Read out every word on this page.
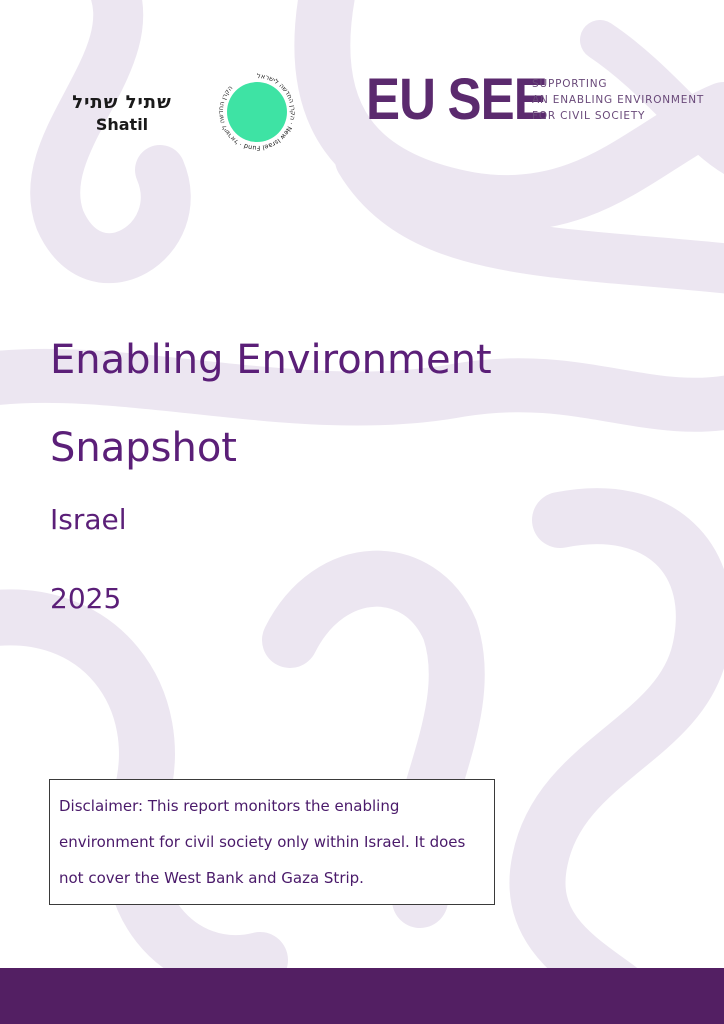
שתיל שתיל
Shatil
הקרן החדשה לישראל · New Israel Fund · הקרן החדשה לישראל	EU SEE
SUPPORTING
AN ENABLING ENVIRONMENT
FOR CIVIL SOCIETY
Enabling Environment Snapshot
Israel
2025
Disclaimer: This report monitors the enabling environment for civil society only within Israel. It does not cover the West Bank and Gaza Strip.
